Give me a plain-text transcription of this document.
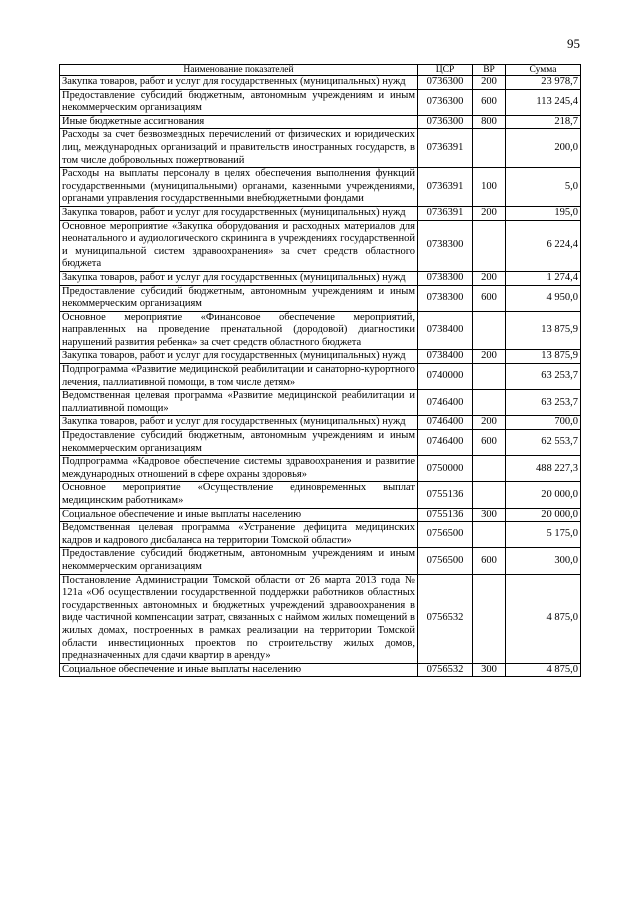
95
Наименование показателей	ЦСР	ВР	Сумма
Закупка товаров, работ и услуг для государственных (муниципальных) нужд	0736300	200	23 978,7
Предоставление субсидий бюджетным, автономным учреждениям и иным некоммерческим организациям	0736300	600	113 245,4
Иные бюджетные ассигнования	0736300	800	218,7
Расходы за счет безвозмездных перечислений от физических и юридических лиц, международных организаций и правительств иностранных государств, в том числе добровольных пожертвований	0736391		200,0
Расходы на выплаты персоналу в целях обеспечения выполнения функций государственными (муниципальными) органами, казенными учреждениями, органами управления государственными внебюджетными фондами	0736391	100	5,0
Закупка товаров, работ и услуг для государственных (муниципальных) нужд	0736391	200	195,0
Основное мероприятие «Закупка оборудования и расходных материалов для неонатального и аудиологического скрининга в учреждениях государственной и муниципальной систем здравоохранения» за счет средств областного бюджета	0738300		6 224,4
Закупка товаров, работ и услуг для государственных (муниципальных) нужд	0738300	200	1 274,4
Предоставление субсидий бюджетным, автономным учреждениям и иным некоммерческим организациям	0738300	600	4 950,0
Основное мероприятие «Финансовое обеспечение мероприятий, направленных на проведение пренатальной (дородовой) диагностики нарушений развития ребенка» за счет средств областного бюджета	0738400		13 875,9
Закупка товаров, работ и услуг для государственных (муниципальных) нужд	0738400	200	13 875,9
Подпрограмма «Развитие медицинской реабилитации и санаторно-курортного лечения, паллиативной помощи, в том числе детям»	0740000		63 253,7
Ведомственная целевая программа «Развитие медицинской реабилитации и паллиативной помощи»	0746400		63 253,7
Закупка товаров, работ и услуг для государственных (муниципальных) нужд	0746400	200	700,0
Предоставление субсидий бюджетным, автономным учреждениям и иным некоммерческим организациям	0746400	600	62 553,7
Подпрограмма «Кадровое обеспечение системы здравоохранения и развитие международных отношений в сфере охраны здоровья»	0750000		488 227,3
Основное мероприятие «Осуществление единовременных выплат медицинским работникам»	0755136		20 000,0
Социальное обеспечение и иные выплаты населению	0755136	300	20 000,0
Ведомственная целевая программа «Устранение дефицита медицинских кадров и кадрового дисбаланса на территории Томской области»	0756500		5 175,0
Предоставление субсидий бюджетным, автономным учреждениям и иным некоммерческим организациям	0756500	600	300,0
Постановление Администрации Томской области от 26 марта 2013 года № 121а «Об осуществлении государственной поддержки работников областных государственных автономных и бюджетных учреждений здравоохранения в виде частичной компенсации затрат, связанных с наймом жилых помещений в жилых домах, построенных в рамках реализации на территории Томской области инвестиционных проектов по строительству жилых домов, предназначенных для сдачи квартир в аренду»	0756532		4 875,0
Социальное обеспечение и иные выплаты населению	0756532	300	4 875,0
